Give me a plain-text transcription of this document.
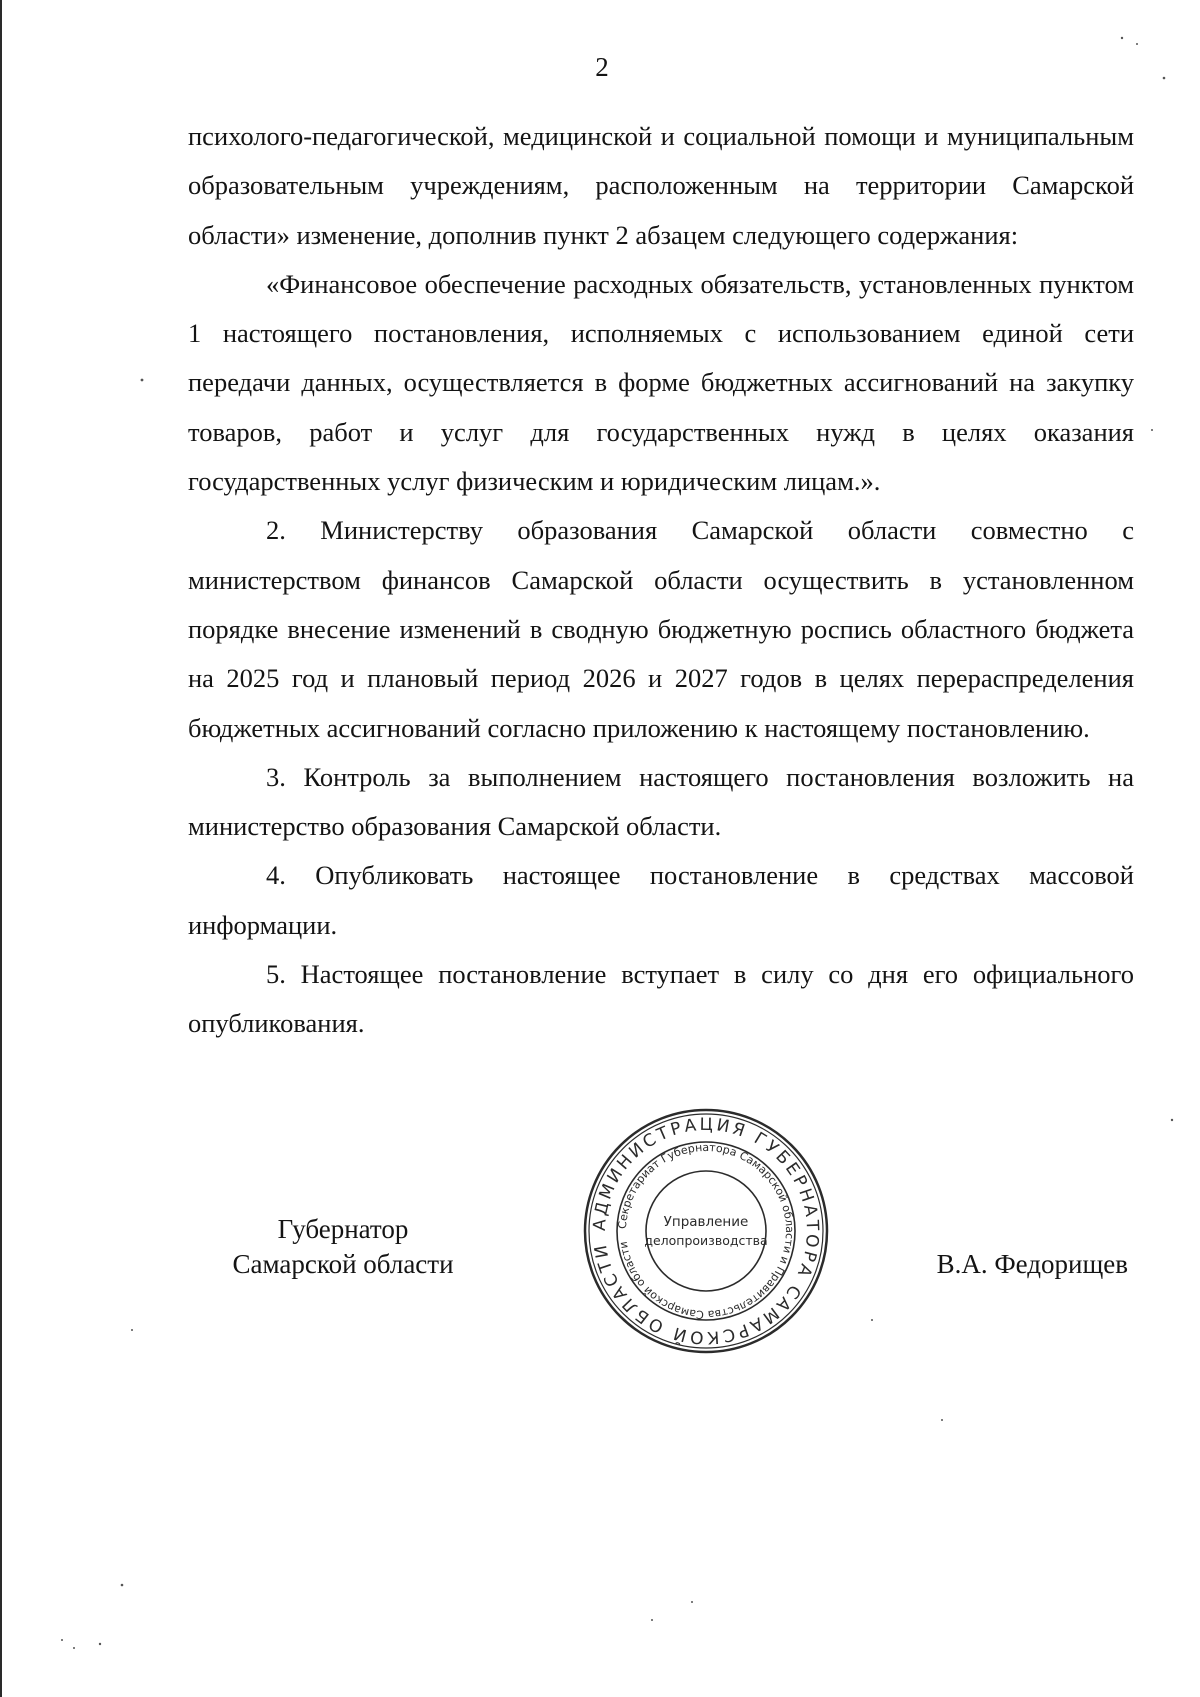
2

психолого-педагогической, медицинской и социальной помощи и муниципальным образовательным учреждениям, расположенным на территории Самарской области» изменение, дополнив пункт 2 абзацем следующего содержания:

«Финансовое обеспечение расходных обязательств, установленных пунктом 1 настоящего постановления, исполняемых с использованием единой сети передачи данных, осуществляется в форме бюджетных ассигнований на закупку товаров, работ и услуг для государственных нужд в целях оказания государственных услуг физическим и юридическим лицам.».

2. Министерству образования Самарской области совместно с министерством финансов Самарской области осуществить в установленном порядке внесение изменений в сводную бюджетную роспись областного бюджета на 2025 год и плановый период 2026 и 2027 годов в целях перераспределения бюджетных ассигнований согласно приложению к настоящему постановлению.

3. Контроль за выполнением настоящего постановления возложить на министерство образования Самарской области.

4. Опубликовать настоящее постановление в средствах массовой информации.

5. Настоящее постановление вступает в силу со дня его официального опубликования.

Губернатор
Самарской области	В.А. Федорищев
АДМИНИСТРАЦИЯ ГУБЕРНАТОРА САМАРСКОЙ ОБЛАСТИ
Секретариат Губернатора Самарской области и Правительства Самарской области
Управление
делопроизводства
